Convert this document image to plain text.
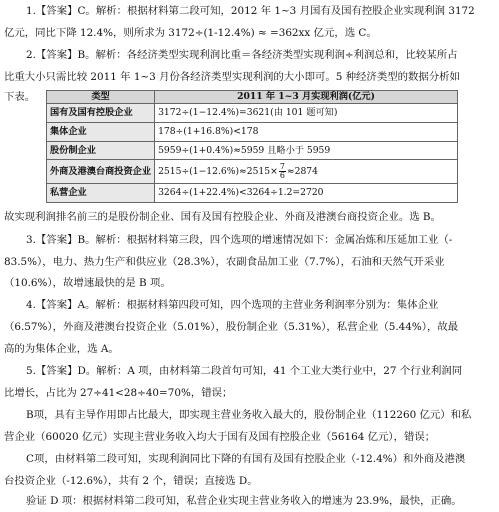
1.【答案】C。解析：根据材料第二段可知，2012 年 1~3 月国有及国有控股企业实现利润 3172
亿元，同比下降 12.4%，则所求为 3172÷(1-12.4%) ≈ =362xx 亿元，选 C。
2.【答案】B。解析：各经济类型实现利润比重＝各经济类型实现利润÷利润总和，比较某所占
比重大小只需比较 2011 年 1~3 月份各经济类型实现利润的大小即可。5 种经济类型的数据分析如
下表。	类型	2011 年 1~3 月实现利润(亿元)
国有及国有控股企业	3172÷(1−12.4%)=3621(由 101 题可知)
集体企业	178÷(1+16.8%)<178
股份制企业	5959÷(1+0.4%)≈5959 且略小于 5959
外商及港澳台商投资企业	$2515\div(1-12.6\%)\approx 2515\times \frac{7}{6} \approx 2874$
私营企业	3264÷(1+22.4%)<3264÷1.2=2720
故实现利润排名前三的是股份制企业、国有及国有控股企业、外商及港澳台商投资企业。选 B。
3.【答案】B。解析：根据材料第三段，四个选项的增速情况如下：金属冶炼和压延加工业（-
83.5%），电力、热力生产和供应业（28.3%），农副食品加工业（7.7%），石油和天然气开采业
（10.6%），故增速最快的是 B 项。
4.【答案】A。解析：根据材料第四段可知，四个选项的主营业务利润率分别为：集体企业
（6.57%），外商及港澳台投资企业（5.01%），股份制企业（5.31%），私营企业（5.44%），故最
高的为集体企业，选 A。
5.【答案】D。解析：A 项，由材料第二段首句可知，41 个工业大类行业中，27 个行业利润同
比增长，占比为 27÷41<28÷40=70%，错误；
B项，具有主导作用即占比最大，即实现主营业务收入最大的，股份制企业（112260 亿元）和私
营企业（60020 亿元）实现主营业务收入均大于国有及国有控股企业（56164 亿元），错误；
C项，由材料第二段可知，实现利润同比下降的有国有及国有控股企业（-12.4%）和外商及港澳
台投资企业（-12.6%），共有 2 个，错误；直接选 D。
验证 D 项：根据材料第二段可知，私营企业实现主营业务收入的增速为 23.9%，最快，正确。
